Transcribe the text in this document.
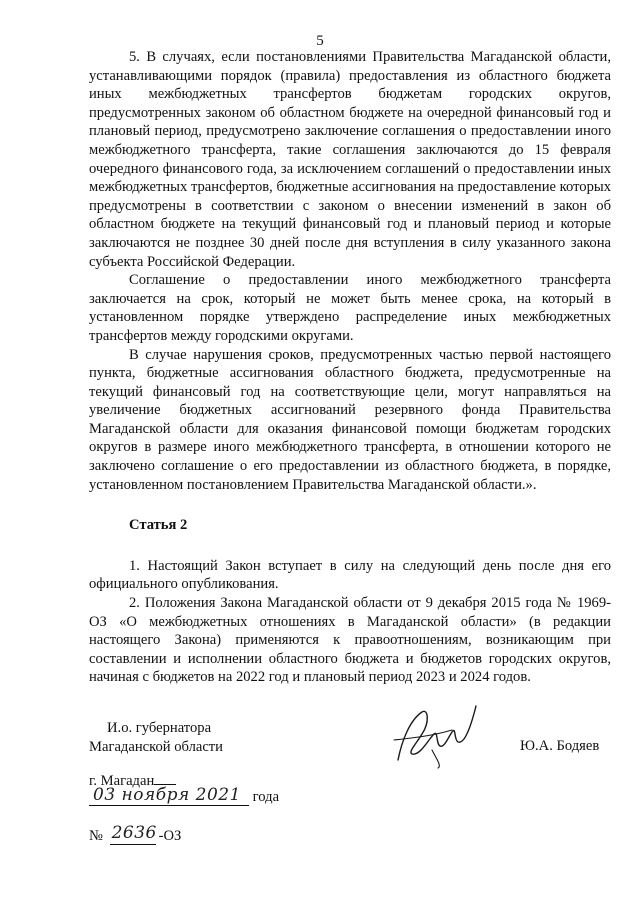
5

5. В случаях, если постановлениями Правительства Магаданской области, устанавливающими порядок (правила) предоставления из областного бюджета иных межбюджетных трансфертов бюджетам городских округов, предусмотренных законом об областном бюджете на очередной финансовый год и плановый период, предусмотрено заключение соглашения о предоставлении иного межбюджетного трансферта, такие соглашения заключаются до 15 февраля очередного финансового года, за исключением соглашений о предоставлении иных межбюджетных трансфертов, бюджетные ассигнования на предоставление которых предусмотрены в соответствии с законом о внесении изменений в закон об областном бюджете на текущий финансовый год и плановый период и которые заключаются не позднее 30 дней после дня вступления в силу указанного закона субъекта Российской Федерации.

Соглашение о предоставлении иного межбюджетного трансферта заключается на срок, который не может быть менее срока, на который в установленном порядке утверждено распределение иных межбюджетных трансфертов между городскими округами.

В случае нарушения сроков, предусмотренных частью первой настоящего пункта, бюджетные ассигнования областного бюджета, предусмотренные на текущий финансовый год на соответствующие цели, могут направляться на увеличение бюджетных ассигнований резервного фонда Правительства Магаданской области для оказания финансовой помощи бюджетам городских округов в размере иного межбюджетного трансферта, в отношении которого не заключено соглашение о его предоставлении из областного бюджета, в порядке, установленном постановлением Правительства Магаданской области.».

Статья 2

1. Настоящий Закон вступает в силу на следующий день после дня его официального опубликования.

2. Положения Закона Магаданской области от 9 декабря 2015 года № 1969-ОЗ «О межбюджетных отношениях в Магаданской области» (в редакции настоящего Закона) применяются к правоотношениям, возникающим при составлении и исполнении областного бюджета и бюджетов городских округов, начиная с бюджетов на 2022 год и плановый период 2023 и 2024 годов.

И.о. губернатора
Магаданской области	Ю.А. Бодяев
г. Магадан
03 ноября 2021 года
№ 2636 -ОЗ
